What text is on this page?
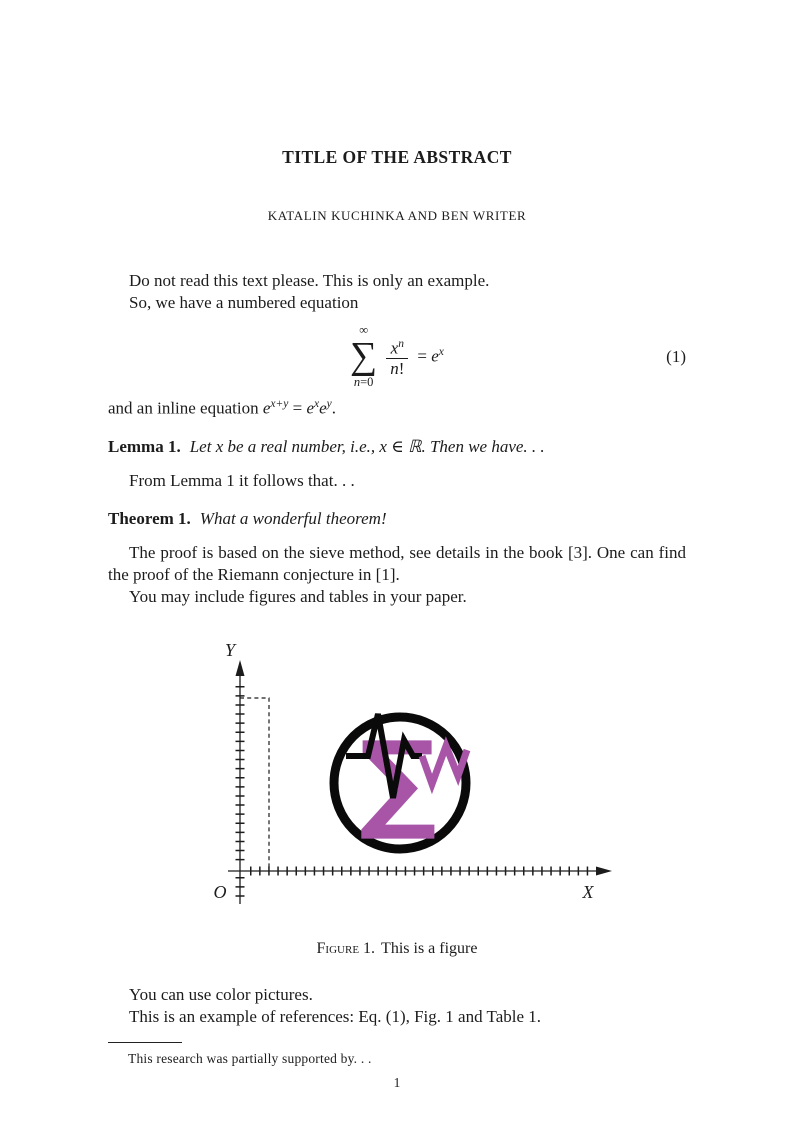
TITLE OF THE ABSTRACT
KATALIN KUCHINKA AND BEN WRITER

Do not read this text please. This is only an example.

So, we have a numbered equation

∞
∑
n=0
$\frac{x^n}{n!} = e^x$	(1)

and an inline equation $e^{x+y} = e^xe^y$.

Lemma 1. Let x be a real number, i.e., x ∈ ℝ. Then we have. . .

From Lemma 1 it follows that. . .

Theorem 1. What a wonderful theorem!

The proof is based on the sieve method, see details in the book [3]. One can find the proof of the Riemann conjecture in [1].

You may include figures and tables in your paper.

Y
X
O
∑
Figure 1. This is a figure

You can use color pictures.

This is an example of references: Eq. (1), Fig. 1 and Table 1.

This research was partially supported by. . .

1
